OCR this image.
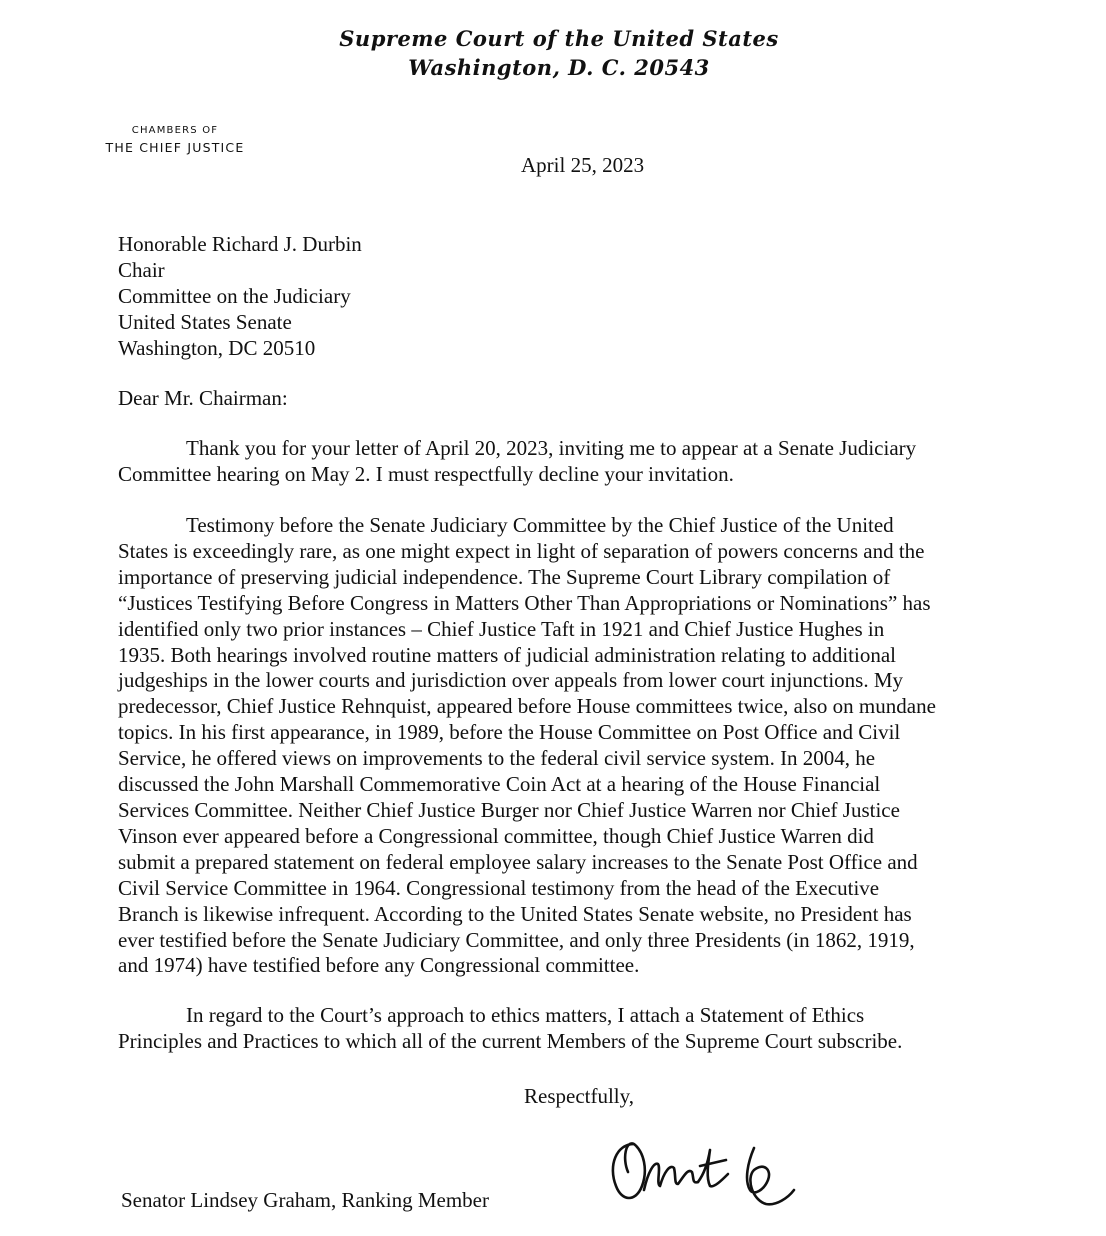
Supreme Court of the United States
Washington, D. C. 20543
CHAMBERS OF
THE CHIEF JUSTICE
April 25, 2023
Honorable Richard J. Durbin
Chair
Committee on the Judiciary
United States Senate
Washington, DC 20510
Dear Mr. Chairman:
Thank you for your letter of April 20, 2023, inviting me to appear at a Senate Judiciary
Committee hearing on May 2. I must respectfully decline your invitation.
Testimony before the Senate Judiciary Committee by the Chief Justice of the United
States is exceedingly rare, as one might expect in light of separation of powers concerns and the
importance of preserving judicial independence. The Supreme Court Library compilation of
“Justices Testifying Before Congress in Matters Other Than Appropriations or Nominations” has
identified only two prior instances – Chief Justice Taft in 1921 and Chief Justice Hughes in
1935. Both hearings involved routine matters of judicial administration relating to additional
judgeships in the lower courts and jurisdiction over appeals from lower court injunctions. My
predecessor, Chief Justice Rehnquist, appeared before House committees twice, also on mundane
topics. In his first appearance, in 1989, before the House Committee on Post Office and Civil
Service, he offered views on improvements to the federal civil service system. In 2004, he
discussed the John Marshall Commemorative Coin Act at a hearing of the House Financial
Services Committee. Neither Chief Justice Burger nor Chief Justice Warren nor Chief Justice
Vinson ever appeared before a Congressional committee, though Chief Justice Warren did
submit a prepared statement on federal employee salary increases to the Senate Post Office and
Civil Service Committee in 1964. Congressional testimony from the head of the Executive
Branch is likewise infrequent. According to the United States Senate website, no President has
ever testified before the Senate Judiciary Committee, and only three Presidents (in 1862, 1919,
and 1974) have testified before any Congressional committee.
In regard to the Court’s approach to ethics matters, I attach a Statement of Ethics
Principles and Practices to which all of the current Members of the Supreme Court subscribe.
Respectfully,
Senator Lindsey Graham, Ranking Member
